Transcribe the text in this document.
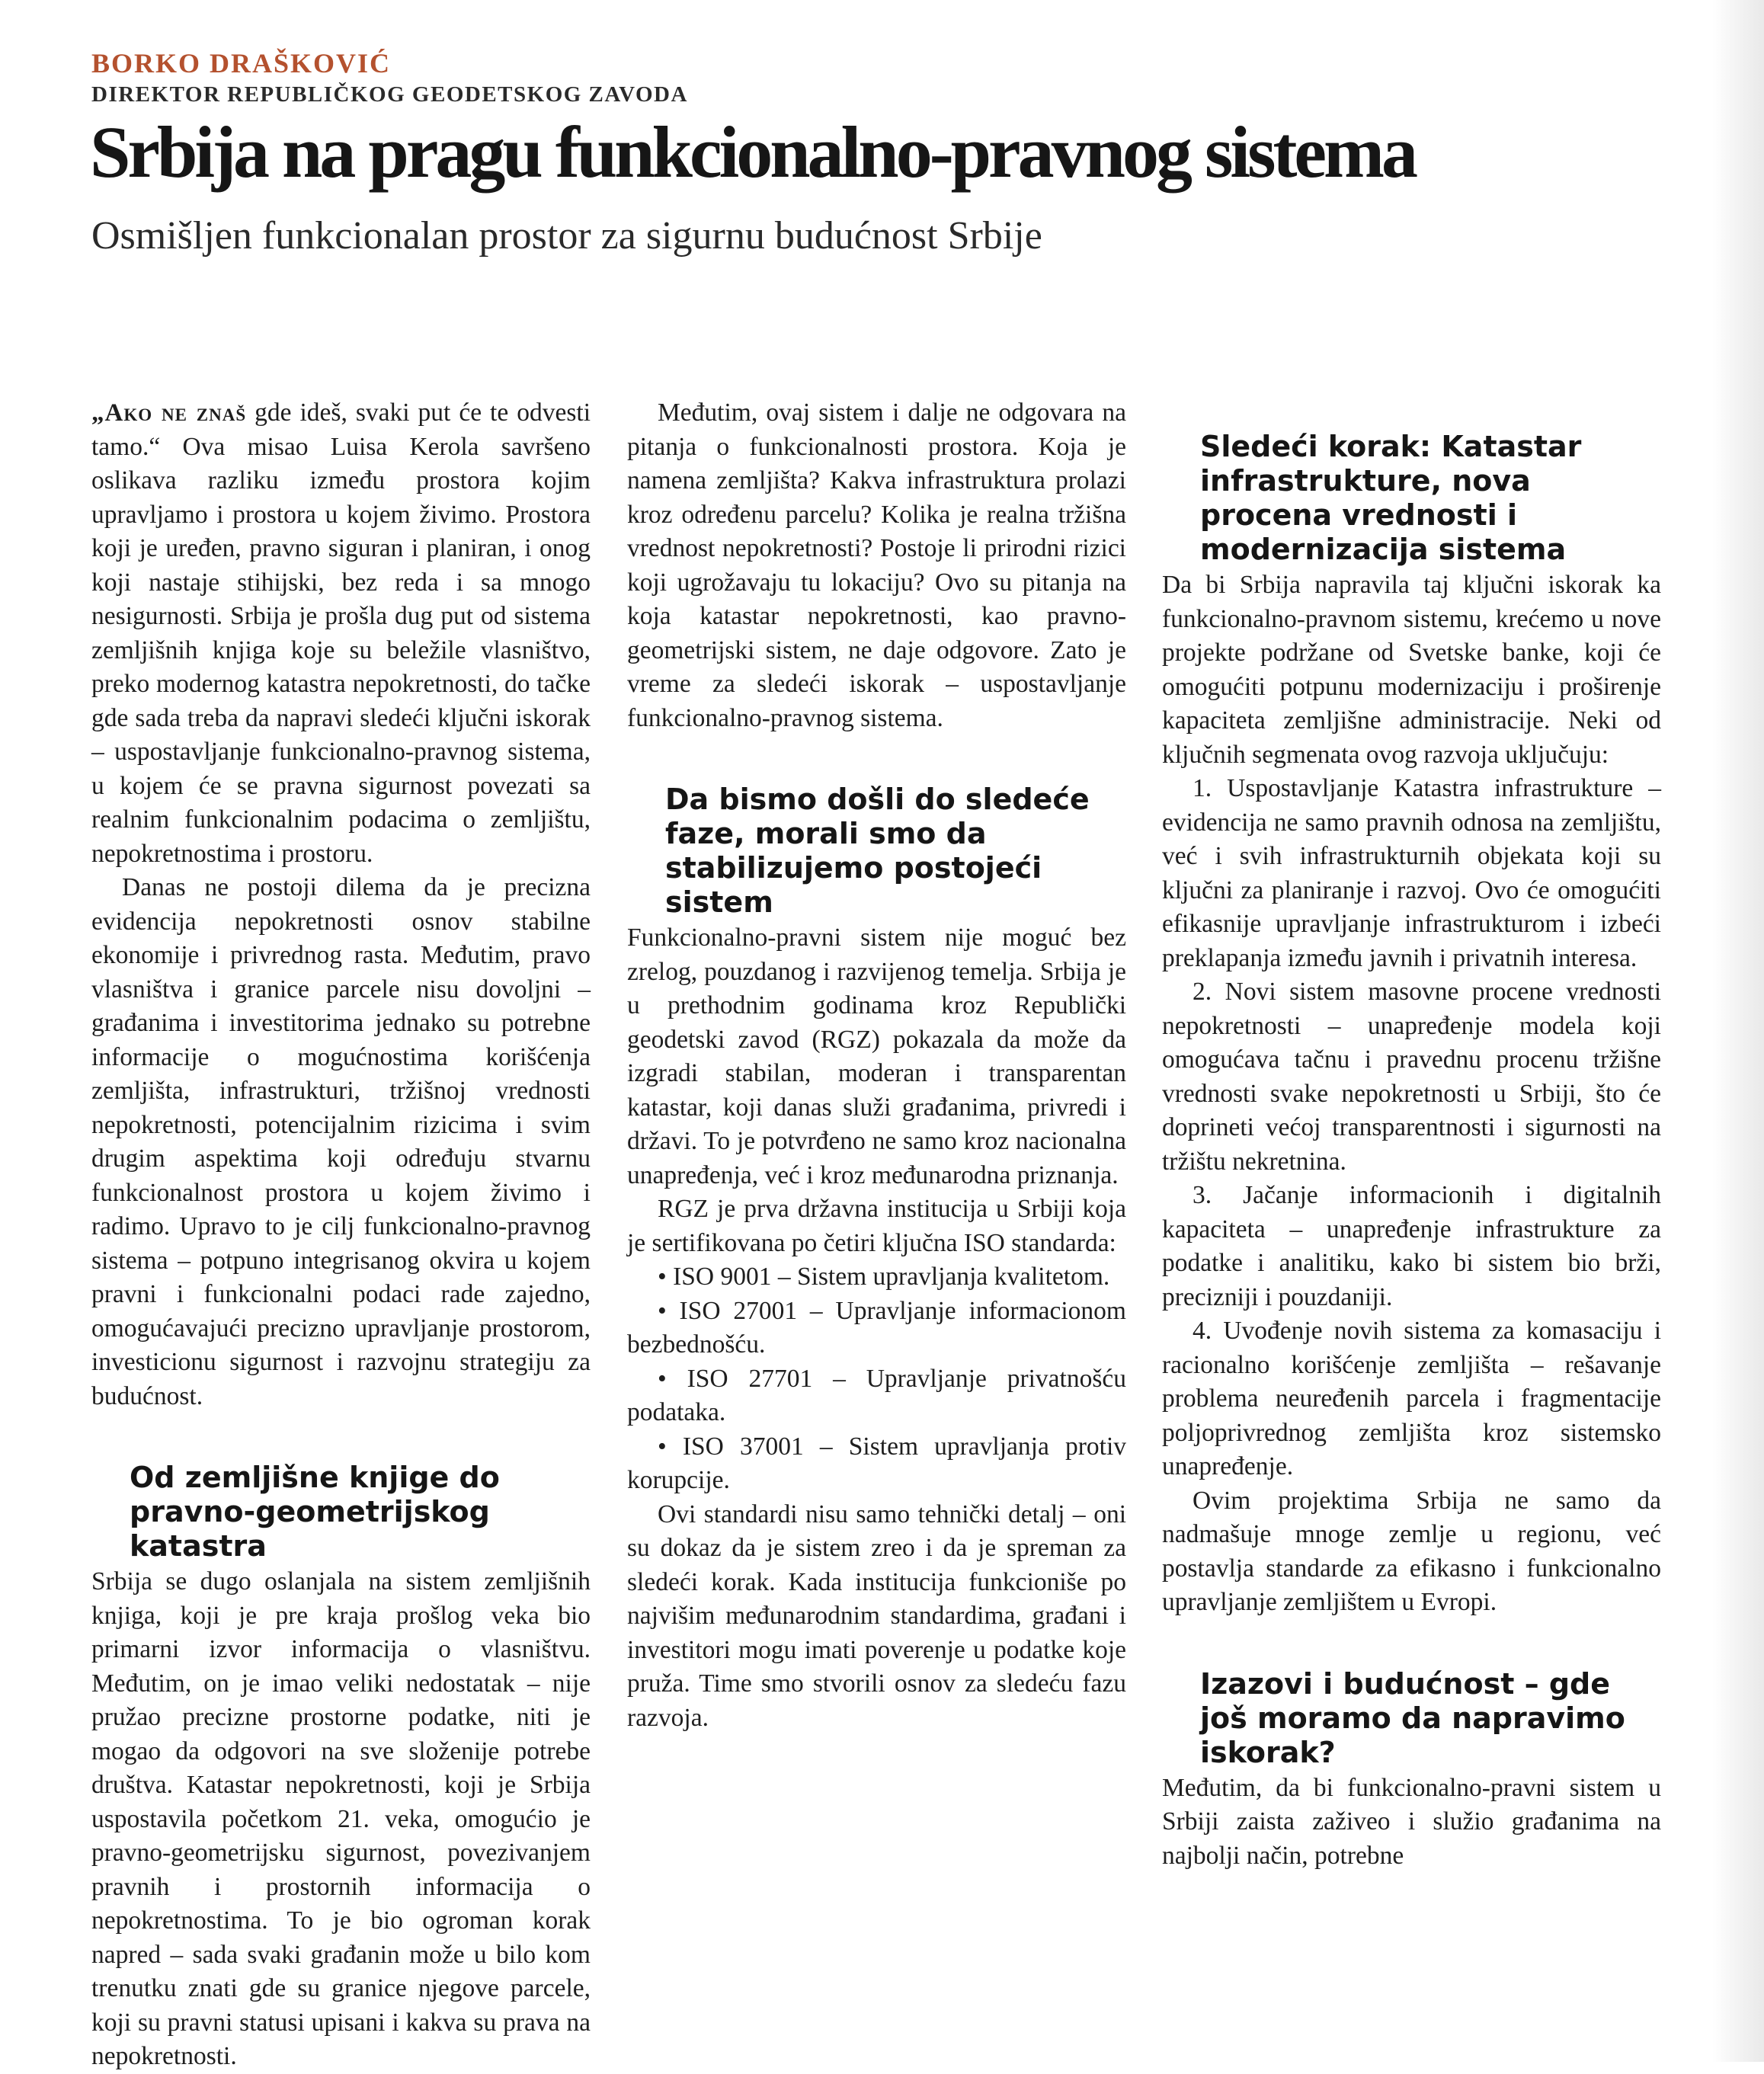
BORKO DRAŠKOVIĆ
DIREKTOR REPUBLIČKOG GEODETSKOG ZAVODA
Srbija na pragu funkcionalno-pravnog sistema
Osmišljen funkcionalan prostor za sigurnu budućnost Srbije

„Ako ne znaš gde ideš, svaki put će te odvesti tamo.“ Ova misao Luisa Kerola savršeno oslikava razliku između prostora kojim upravljamo i prostora u kojem živimo. Prostora koji je uređen, pravno siguran i planiran, i onog koji nastaje stihijski, bez reda i sa mnogo nesigurnosti. Srbija je prošla dug put od sistema zemljišnih knjiga koje su beležile vlasništvo, preko modernog katastra nepokretnosti, do tačke gde sada treba da napravi sledeći ključni iskorak – uspostavljanje funkcionalno-pravnog sistema, u kojem će se pravna sigurnost povezati sa realnim funkcionalnim podacima o zemljištu, nepokretnostima i prostoru.

Danas ne postoji dilema da je precizna evidencija nepokretnosti osnov stabilne ekonomije i privrednog rasta. Međutim, pravo vlasništva i granice parcele nisu dovoljni – građanima i investitorima jednako su potrebne informacije o mogućnostima korišćenja zemljišta, infrastrukturi, tržišnoj vrednosti nepokretnosti, potencijalnim rizicima i svim drugim aspektima koji određuju stvarnu funkcionalnost prostora u kojem živimo i radimo. Upravo to je cilj funkcionalno-pravnog sistema – potpuno integrisanog okvira u kojem pravni i funkcionalni podaci rade zajedno, omogućavajući precizno upravljanje prostorom, investicionu sigurnost i razvojnu strategiju za budućnost.

Od zemljišne knjige do pravno-geometrijskog katastra

Srbija se dugo oslanjala na sistem zemljišnih knjiga, koji je pre kraja prošlog veka bio primarni izvor informacija o vlasništvu. Međutim, on je imao veliki nedostatak – nije pružao precizne prostorne podatke, niti je mogao da odgovori na sve složenije potrebe društva. Katastar nepokretnosti, koji je Srbija uspostavila početkom 21. veka, omogućio je pravno-geometrijsku sigurnost, povezivanjem pravnih i prostornih informacija o nepokretnostima. To je bio ogroman korak napred – sada svaki građanin može u bilo kom trenutku znati gde su granice njegove parcele, koji su pravni statusi upisani i kakva su prava na nepokretnosti.

Međutim, ovaj sistem i dalje ne odgovara na pitanja o funkcionalnosti prostora. Koja je namena zemljišta? Kakva infrastruktura prolazi kroz određenu parcelu? Kolika je realna tržišna vrednost nepokretnosti? Postoje li prirodni rizici koji ugrožavaju tu lokaciju? Ovo su pitanja na koja katastar nepokretnosti, kao pravno-geometrijski sistem, ne daje odgovore. Zato je vreme za sledeći iskorak – uspostavljanje funkcionalno-pravnog sistema.

Da bismo došli do sledeće faze, morali smo da stabilizujemo postojeći sistem

Funkcionalno-pravni sistem nije moguć bez zrelog, pouzdanog i razvijenog temelja. Srbija je u prethodnim godinama kroz Republički geodetski zavod (RGZ) pokazala da može da izgradi stabilan, moderan i transparentan katastar, koji danas služi građanima, privredi i državi. To je potvrđeno ne samo kroz nacionalna unapređenja, već i kroz međunarodna priznanja.

RGZ je prva državna institucija u Srbiji koja je sertifikovana po četiri ključna ISO standarda:

• ISO 9001 – Sistem upravljanja kvalitetom.

• ISO 27001 – Upravljanje informacionom bezbednošću.

• ISO 27701 – Upravljanje privatnošću podataka.

• ISO 37001 – Sistem upravljanja protiv korupcije.

Ovi standardi nisu samo tehnički detalj – oni su dokaz da je sistem zreo i da je spreman za sledeći korak. Kada institucija funkcioniše po najvišim međunarodnim standardima, građani i investitori mogu imati poverenje u podatke koje pruža. Time smo stvorili osnov za sledeću fazu razvoja.

Sledeći korak: Katastar infrastrukture, nova procena vrednosti i modernizacija sistema

Da bi Srbija napravila taj ključni iskorak ka funkcionalno-pravnom sistemu, krećemo u nove projekte podržane od Svetske banke, koji će omogućiti potpunu modernizaciju i proširenje kapaciteta zemljišne administracije. Neki od ključnih segmenata ovog razvoja uključuju:

1. Uspostavljanje Katastra infrastrukture – evidencija ne samo pravnih odnosa na zemljištu, već i svih infrastrukturnih objekata koji su ključni za planiranje i razvoj. Ovo će omogućiti efikasnije upravljanje infrastrukturom i izbeći preklapanja između javnih i privatnih interesa.

2. Novi sistem masovne procene vrednosti nepokretnosti – unapređenje modela koji omogućava tačnu i pravednu procenu tržišne vrednosti svake nepokretnosti u Srbiji, što će doprineti većoj transparentnosti i sigurnosti na tržištu nekretnina.

3. Jačanje informacionih i digitalnih kapaciteta – unapređenje infrastrukture za podatke i analitiku, kako bi sistem bio brži, precizniji i pouzdaniji.

4. Uvođenje novih sistema za komasaciju i racionalno korišćenje zemljišta – rešavanje problema neuređenih parcela i fragmentacije poljoprivrednog zemljišta kroz sistemsko unapređenje.

Ovim projektima Srbija ne samo da nadmašuje mnoge zemlje u regionu, već postavlja standarde za efikasno i funkcionalno upravljanje zemljištem u Evropi.

Izazovi i budućnost – gde još moramo da napravimo iskorak?

Međutim, da bi funkcionalno-pravni sistem u Srbiji zaista zaživeo i služio građanima na najbolji način, potrebne
